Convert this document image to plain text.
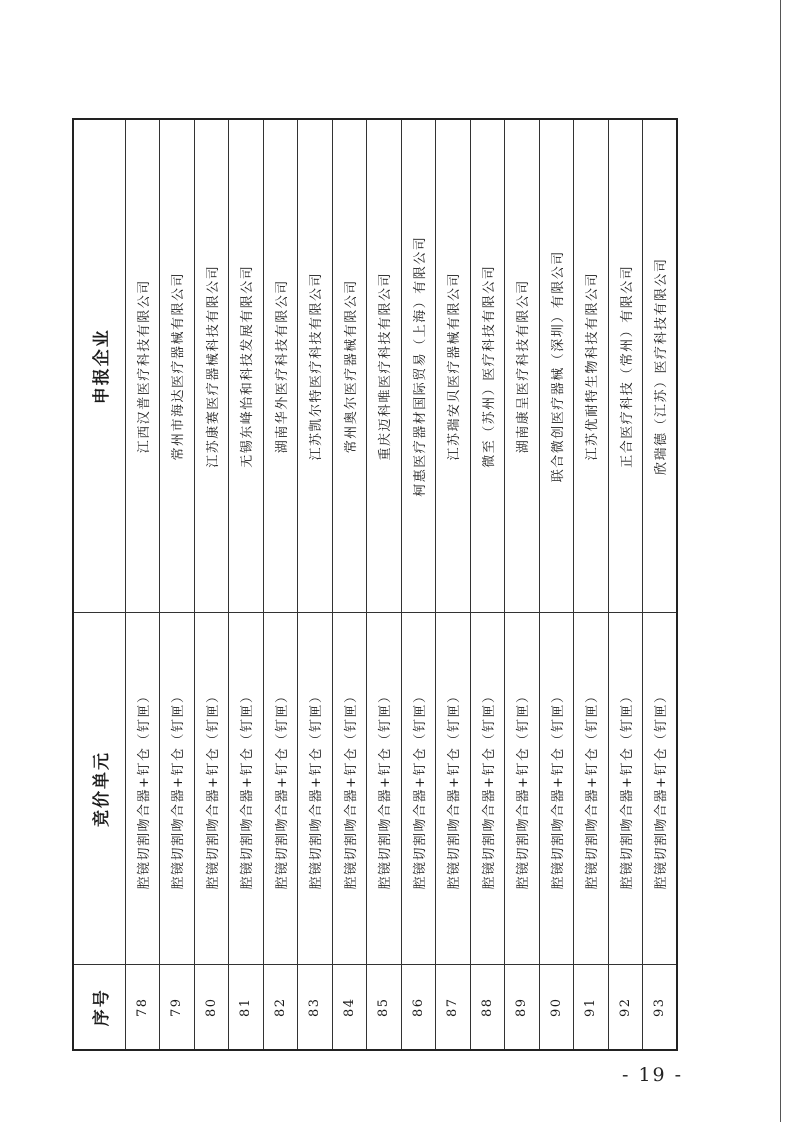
序号	竞价单元	申报企业
78	腔镜切割吻合器+钉仓（钉匣）	江西汉普医疗科技有限公司
79	腔镜切割吻合器+钉仓（钉匣）	常州市海达医疗器械有限公司
80	腔镜切割吻合器+钉仓（钉匣）	江苏康赛医疗器械科技有限公司
81	腔镜切割吻合器+钉仓（钉匣）	无锡东峰怡和科技发展有限公司
82	腔镜切割吻合器+钉仓（钉匣）	湖南华外医疗科技有限公司
83	腔镜切割吻合器+钉仓（钉匣）	江苏凯尔特医疗科技有限公司
84	腔镜切割吻合器+钉仓（钉匣）	常州奥尔医疗器械有限公司
85	腔镜切割吻合器+钉仓（钉匣）	重庆迈科唯医疗科技有限公司
86	腔镜切割吻合器+钉仓（钉匣）	柯惠医疗器材国际贸易（上海）有限公司
87	腔镜切割吻合器+钉仓（钉匣）	江苏瑞安贝医疗器械有限公司
88	腔镜切割吻合器+钉仓（钉匣）	微至（苏州）医疗科技有限公司
89	腔镜切割吻合器+钉仓（钉匣）	湖南康呈医疗科技有限公司
90	腔镜切割吻合器+钉仓（钉匣）	联合微创医疗器械（深圳）有限公司
91	腔镜切割吻合器+钉仓（钉匣）	江苏优耐特生物科技有限公司
92	腔镜切割吻合器+钉仓（钉匣）	正合医疗科技（常州）有限公司
93	腔镜切割吻合器+钉仓（钉匣）	欣瑞德（江苏）医疗科技有限公司
- 19 -
